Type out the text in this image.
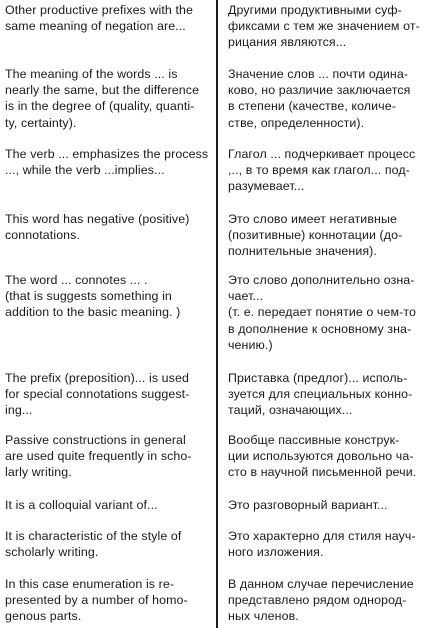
Other productive prefixes with the
same meaning of negation are...
Другими продуктивными суф-
фиксами с тем же значением от-
рицания являются...
The meaning of the words ... is
nearly the same, but the difference
is in the degree of (quality, quanti-
ty, certainty).
Значение слов ... почти одина-
ково, но различие заключается
в степени (качестве, количе-
стве, определенности).
The verb ... emphasizes the process
..., while the verb ...implies...
Глагол ... подчеркивает процесс
,.., в то время как глагол... под-
разумевает...
This word has negative (positive)
connotations.
Это слово имеет негативные
(позитивные) коннотации (до-
полнительные значения).
The word ... connotes ... .
(that is suggests something in
addition to the basic meaning. )
Это слово дополнительно озна-
чает...
(т. е. передает понятие о чем-то
в дополнение к основному зна-
чению.)
The prefix (preposition)... is used
for special connotations suggest-
ing...
Приставка (предлог)... исполь-
зуется для специальных конно-
таций, означающих...
Passive constructions in general
are used quite frequently in scho-
larly writing.
Вообще пассивные конструк-
ции используются довольно ча-
сто в научной письменной речи.
It is a colloquial variant of...	Это разговорный вариант...
It is characteristic of the style of
scholarly writing.
Это характерно для стиля науч-
ного изложения.
In this case enumeration is re-
presented by a number of homo-
genous parts.
В данном случае перечисление
представлено рядом однород-
ных членов.
